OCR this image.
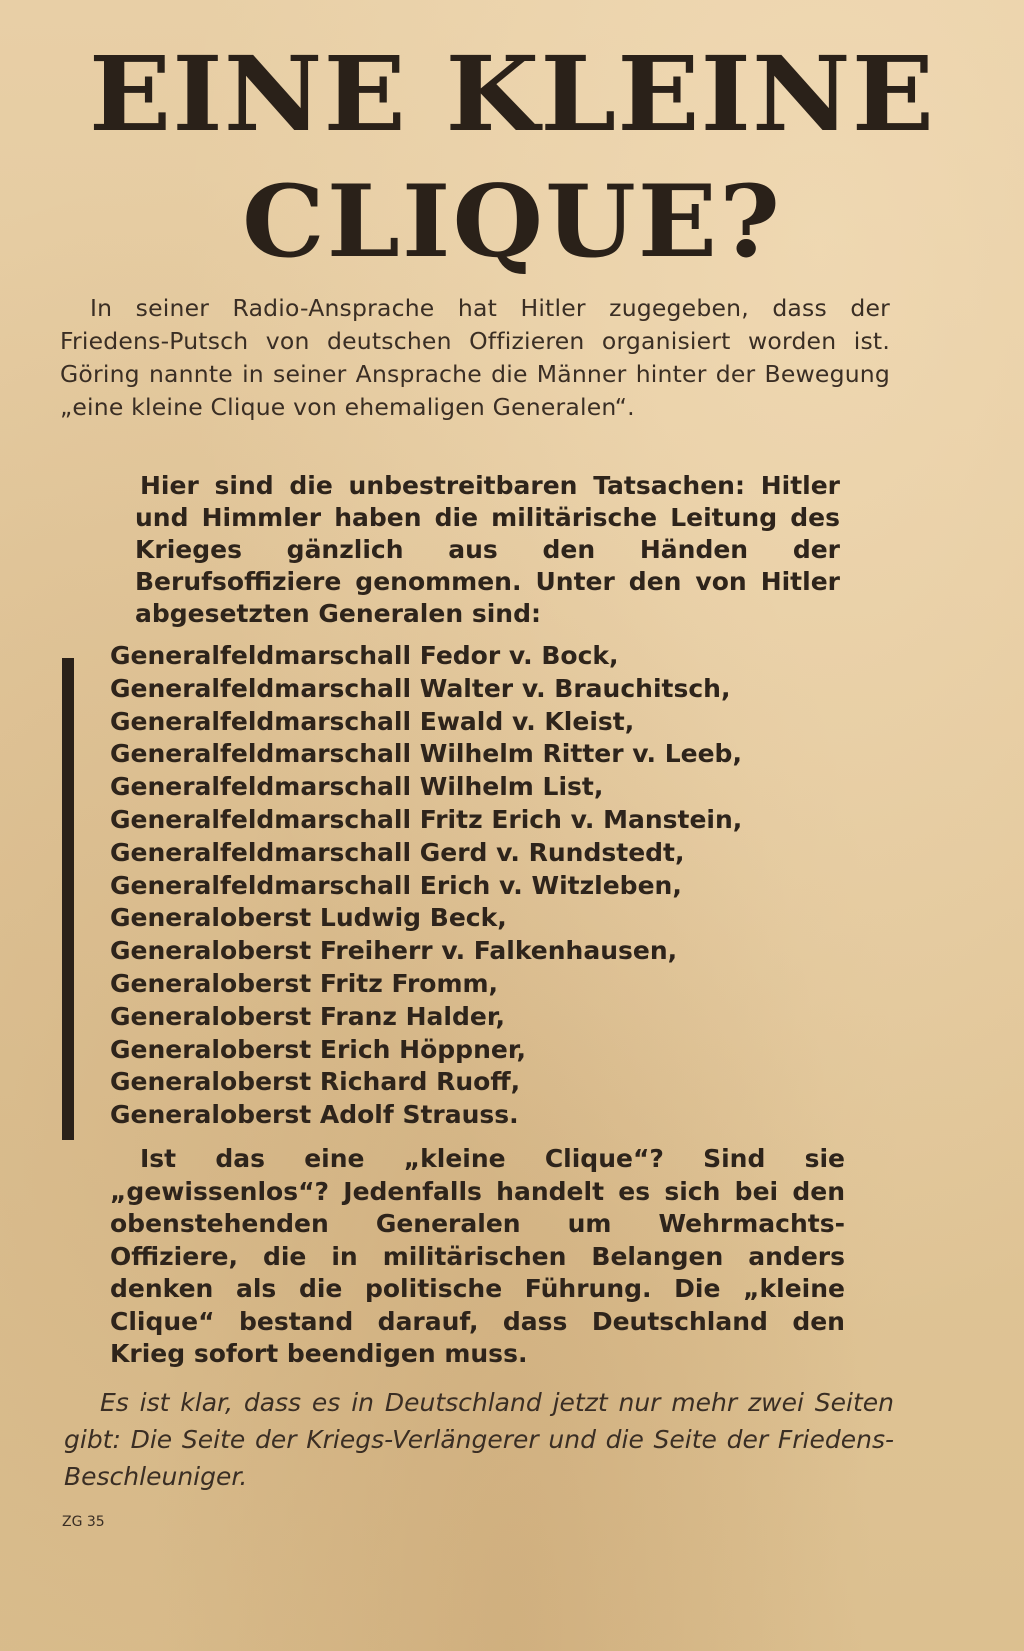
EINE KLEINE
CLIQUE?

In seiner Radio-Ansprache hat Hitler zugegeben, dass der Friedens-Putsch von deutschen Offizieren organisiert worden ist. Göring nannte in seiner Ansprache die Männer hinter der Bewegung „eine kleine Clique von ehemaligen Generalen“.

Hier sind die unbestreitbaren Tatsachen: Hitler und Himmler haben die militärische Leitung des Krieges gänzlich aus den Händen der Berufsoffiziere genommen. Unter den von Hitler abgesetzten Generalen sind:

Generalfeldmarschall Fedor v. Bock,
Generalfeldmarschall Walter v. Brauchitsch,
Generalfeldmarschall Ewald v. Kleist,
Generalfeldmarschall Wilhelm Ritter v. Leeb,
Generalfeldmarschall Wilhelm List,
Generalfeldmarschall Fritz Erich v. Manstein,
Generalfeldmarschall Gerd v. Rundstedt,
Generalfeldmarschall Erich v. Witzleben,
Generaloberst Ludwig Beck,
Generaloberst Freiherr v. Falkenhausen,
Generaloberst Fritz Fromm,
Generaloberst Franz Halder,
Generaloberst Erich Höppner,
Generaloberst Richard Ruoff,
Generaloberst Adolf Strauss.

Ist das eine „kleine Clique“? Sind sie „gewissenlos“? Jedenfalls handelt es sich bei den obenstehenden Generalen um Wehrmachts-Offiziere, die in militärischen Belangen anders denken als die politische Führung. Die „kleine Clique“ bestand darauf, dass Deutschland den Krieg sofort beendigen muss.

Es ist klar, dass es in Deutschland jetzt nur mehr zwei Seiten gibt: Die Seite der Kriegs-Verlängerer und die Seite der Friedens-Beschleuniger.

ZG 35
